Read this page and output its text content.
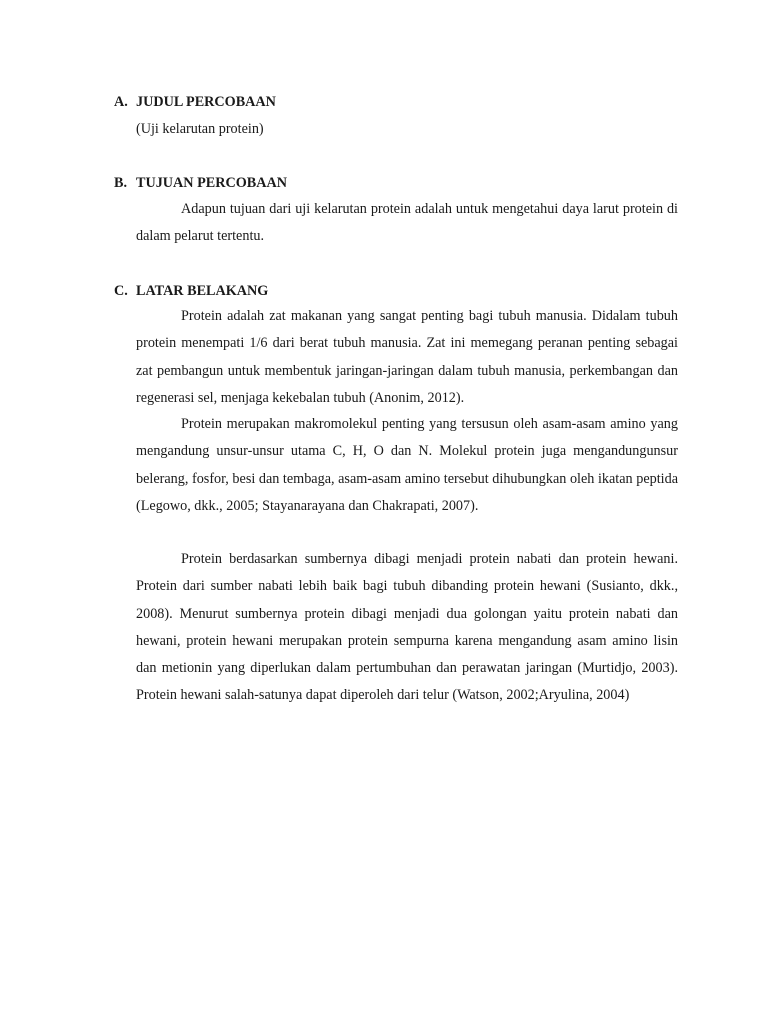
A. JUDUL PERCOBAAN

(Uji kelarutan protein)

B. TUJUAN PERCOBAAN

Adapun tujuan dari uji kelarutan protein adalah untuk mengetahui daya larut protein di dalam pelarut tertentu.

C. LATAR BELAKANG

Protein adalah zat makanan yang sangat penting bagi tubuh manusia. Didalam tubuh protein menempati 1/6 dari berat tubuh manusia. Zat ini memegang peranan penting sebagai zat pembangun untuk membentuk jaringan-jaringan dalam tubuh manusia, perkembangan dan regenerasi sel, menjaga kekebalan tubuh (Anonim, 2012).

Protein merupakan makromolekul penting yang tersusun oleh asam-asam amino yang mengandung unsur-unsur utama C, H, O dan N. Molekul protein juga mengandungunsur belerang, fosfor, besi dan tembaga, asam-asam amino tersebut dihubungkan oleh ikatan peptida (Legowo, dkk., 2005; Stayanarayana dan Chakrapati, 2007).

Protein berdasarkan sumbernya dibagi menjadi protein nabati dan protein hewani. Protein dari sumber nabati lebih baik bagi tubuh dibanding protein hewani (Susianto, dkk., 2008). Menurut sumbernya protein dibagi menjadi dua golongan yaitu protein nabati dan hewani, protein hewani merupakan protein sempurna karena mengandung asam amino lisin dan metionin yang diperlukan dalam pertumbuhan dan perawatan jaringan (Murtidjo, 2003). Protein hewani salah-satunya dapat diperoleh dari telur (Watson, 2002;Aryulina, 2004)
